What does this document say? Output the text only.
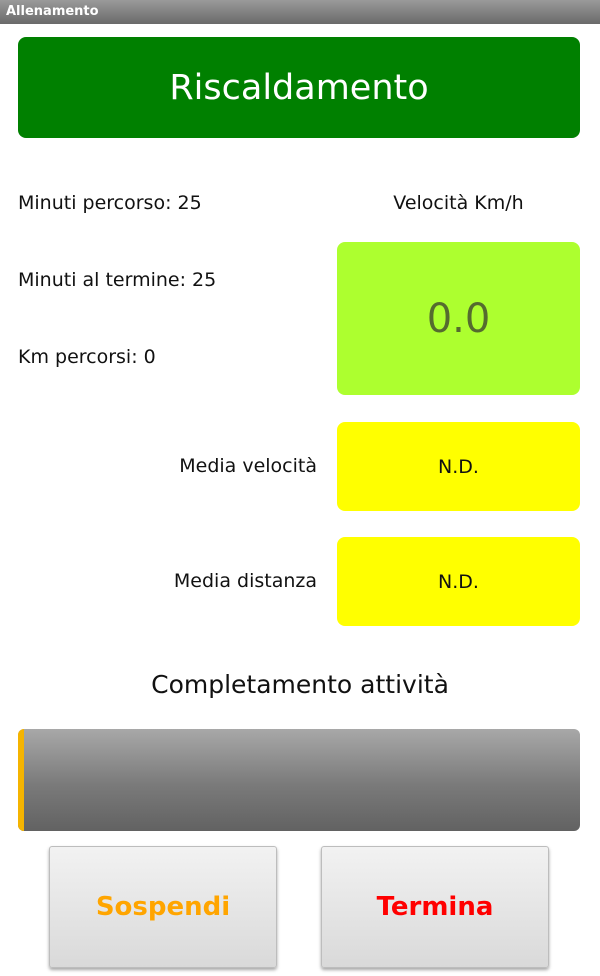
Allenamento
Riscaldamento
Minuti percorso: 25
Minuti al termine: 25
Km percorsi: 0
Velocità Km/h
0.0
Media velocità	N.D.
Media distanza	N.D.
Completamento attività
Sospendi	Termina
